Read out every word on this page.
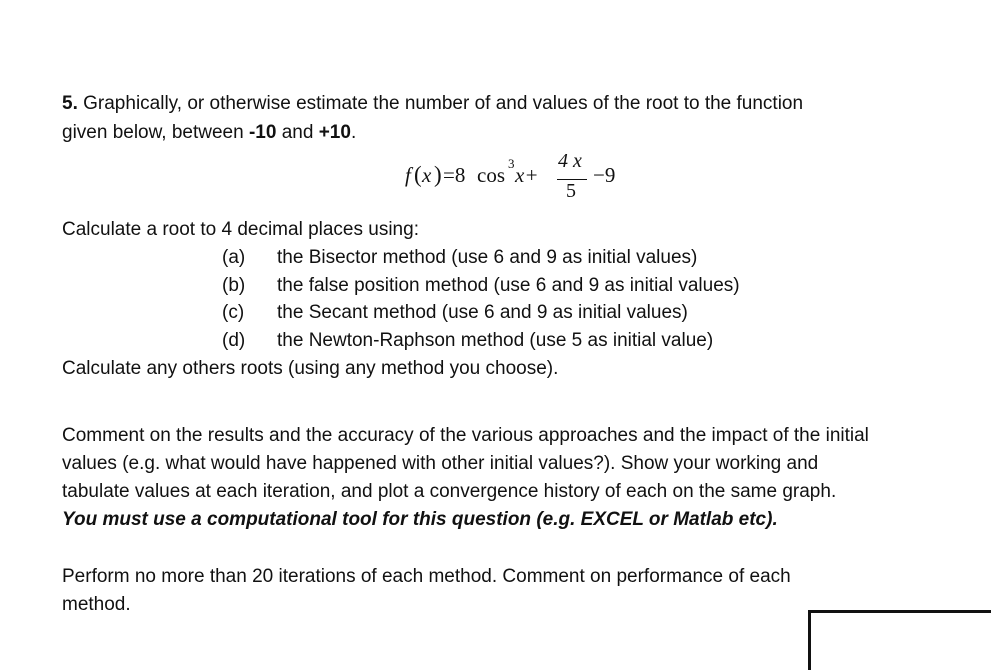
5. Graphically, or otherwise estimate the number of and values of the root to the function
given below, between -10 and +10.
f ( x ) =8 cos 3 x+
4 x
5
−9
Calculate a root to 4 decimal places using:
(a) the Bisector method (use 6 and 9 as initial values)
(b) the false position method (use 6 and 9 as initial values)
(c) the Secant method (use 6 and 9 as initial values)
(d) the Newton-Raphson method (use 5 as initial value)
Calculate any others roots (using any method you choose).
Comment on the results and the accuracy of the various approaches and the impact of the initial
values (e.g. what would have happened with other initial values?). Show your working and
tabulate values at each iteration, and plot a convergence history of each on the same graph.
You must use a computational tool for this question (e.g. EXCEL or Matlab etc).
Perform no more than 20 iterations of each method. Comment on performance of each
method.
